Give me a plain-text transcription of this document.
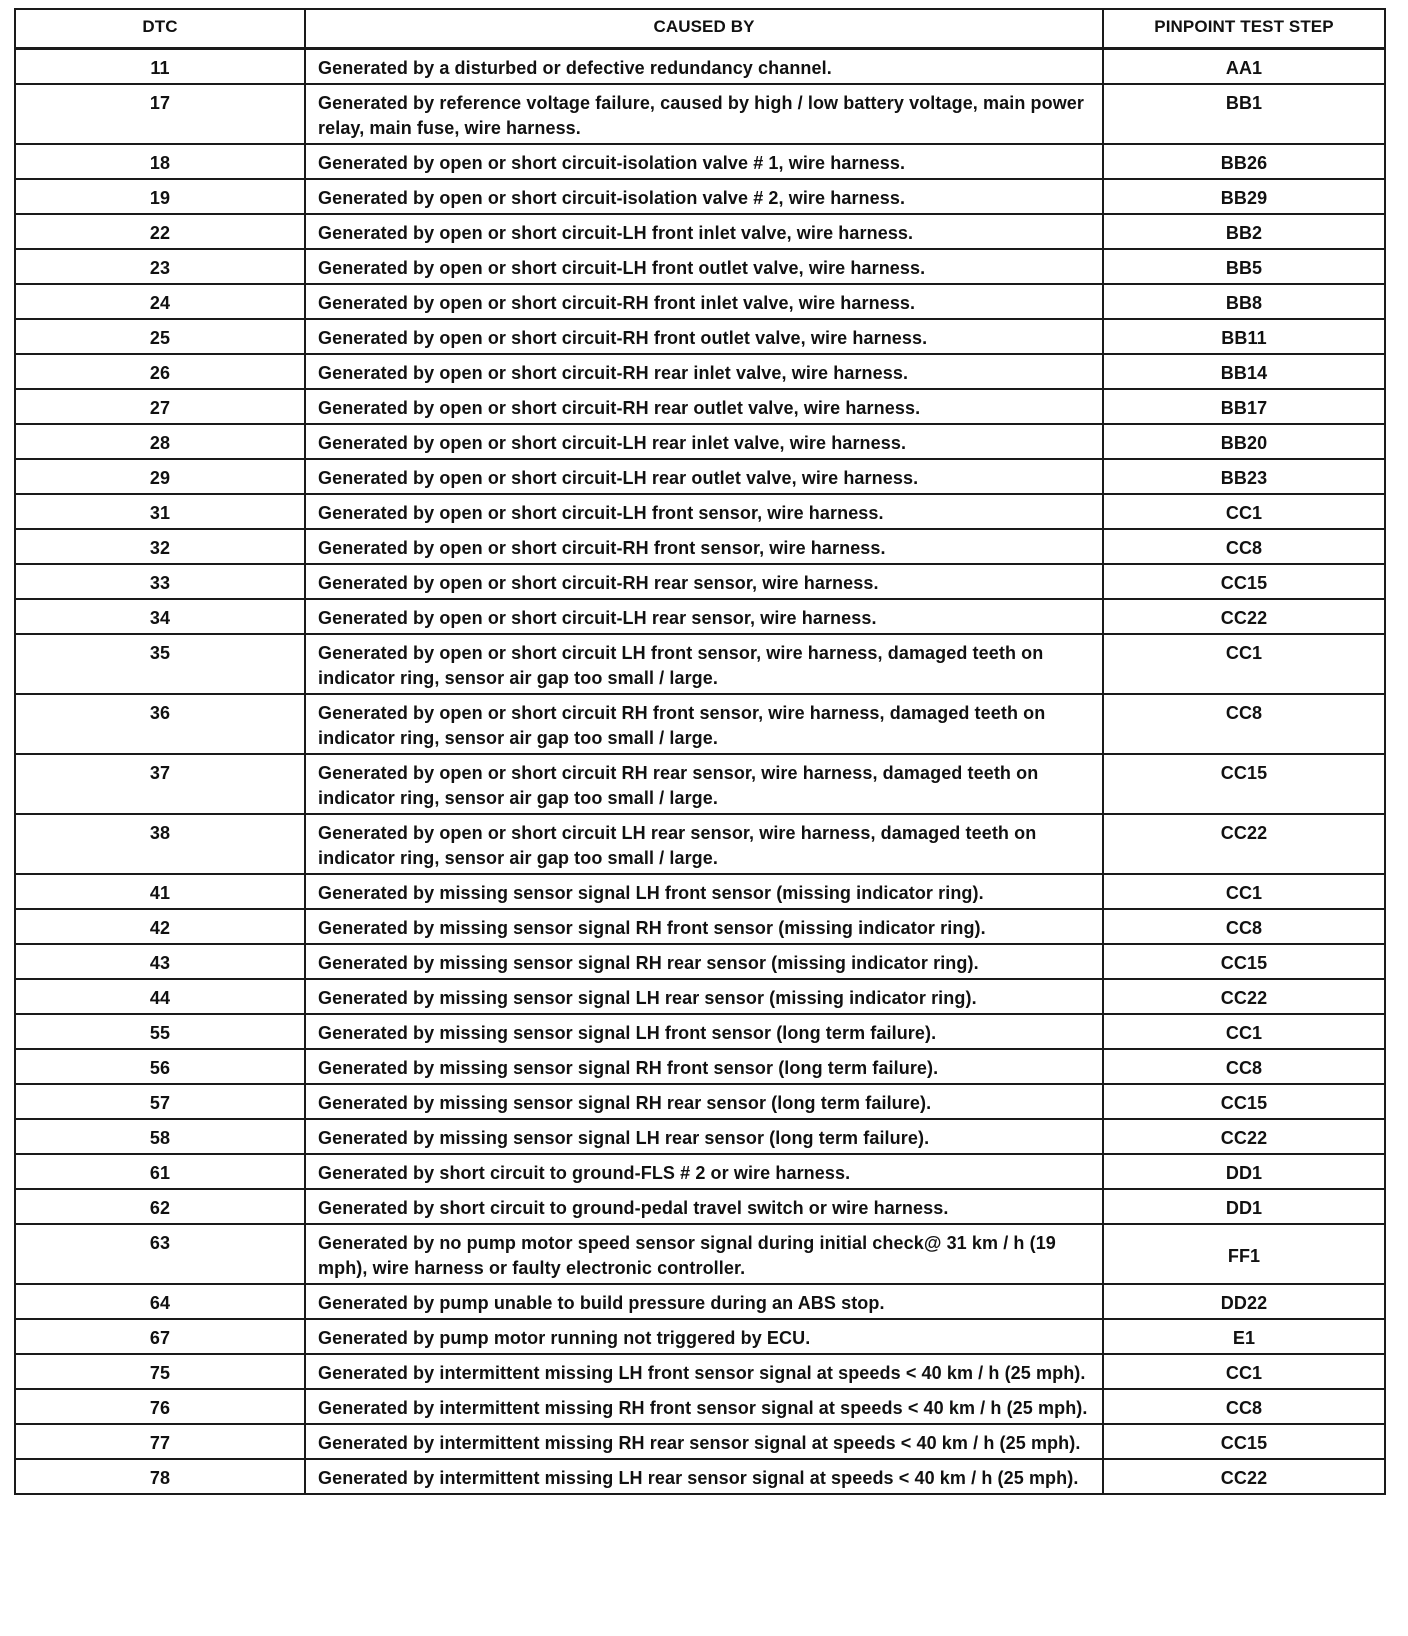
DTC	CAUSED BY	PINPOINT TEST STEP
11	Generated by a disturbed or defective redundancy channel.	AA1
17	Generated by reference voltage failure, caused by high / low battery voltage, main power relay, main fuse, wire harness.	BB1
18	Generated by open or short circuit-isolation valve # 1, wire harness.	BB26
19	Generated by open or short circuit-isolation valve # 2, wire harness.	BB29
22	Generated by open or short circuit-LH front inlet valve, wire harness.	BB2
23	Generated by open or short circuit-LH front outlet valve, wire harness.	BB5
24	Generated by open or short circuit-RH front inlet valve, wire harness.	BB8
25	Generated by open or short circuit-RH front outlet valve, wire harness.	BB11
26	Generated by open or short circuit-RH rear inlet valve, wire harness.	BB14
27	Generated by open or short circuit-RH rear outlet valve, wire harness.	BB17
28	Generated by open or short circuit-LH rear inlet valve, wire harness.	BB20
29	Generated by open or short circuit-LH rear outlet valve, wire harness.	BB23
31	Generated by open or short circuit-LH front sensor, wire harness.	CC1
32	Generated by open or short circuit-RH front sensor, wire harness.	CC8
33	Generated by open or short circuit-RH rear sensor, wire harness.	CC15
34	Generated by open or short circuit-LH rear sensor, wire harness.	CC22
35	Generated by open or short circuit LH front sensor, wire harness, damaged teeth on indicator ring, sensor air gap too small / large.	CC1
36	Generated by open or short circuit RH front sensor, wire harness, damaged teeth on indicator ring, sensor air gap too small / large.	CC8
37	Generated by open or short circuit RH rear sensor, wire harness, damaged teeth on indicator ring, sensor air gap too small / large.	CC15
38	Generated by open or short circuit LH rear sensor, wire harness, damaged teeth on indicator ring, sensor air gap too small / large.	CC22
41	Generated by missing sensor signal LH front sensor (missing indicator ring).	CC1
42	Generated by missing sensor signal RH front sensor (missing indicator ring).	CC8
43	Generated by missing sensor signal RH rear sensor (missing indicator ring).	CC15
44	Generated by missing sensor signal LH rear sensor (missing indicator ring).	CC22
55	Generated by missing sensor signal LH front sensor (long term failure).	CC1
56	Generated by missing sensor signal RH front sensor (long term failure).	CC8
57	Generated by missing sensor signal RH rear sensor (long term failure).	CC15
58	Generated by missing sensor signal LH rear sensor (long term failure).	CC22
61	Generated by short circuit to ground-FLS # 2 or wire harness.	DD1
62	Generated by short circuit to ground-pedal travel switch or wire harness.	DD1
63	Generated by no pump motor speed sensor signal during initial check@ 31 km / h (19 mph), wire harness or faulty electronic controller.	FF1
64	Generated by pump unable to build pressure during an ABS stop.	DD22
67	Generated by pump motor running not triggered by ECU.	E1
75	Generated by intermittent missing LH front sensor signal at speeds < 40 km / h (25 mph).	CC1
76	Generated by intermittent missing RH front sensor signal at speeds < 40 km / h (25 mph).	CC8
77	Generated by intermittent missing RH rear sensor signal at speeds < 40 km / h (25 mph).	CC15
78	Generated by intermittent missing LH rear sensor signal at speeds < 40 km / h (25 mph).	CC22
